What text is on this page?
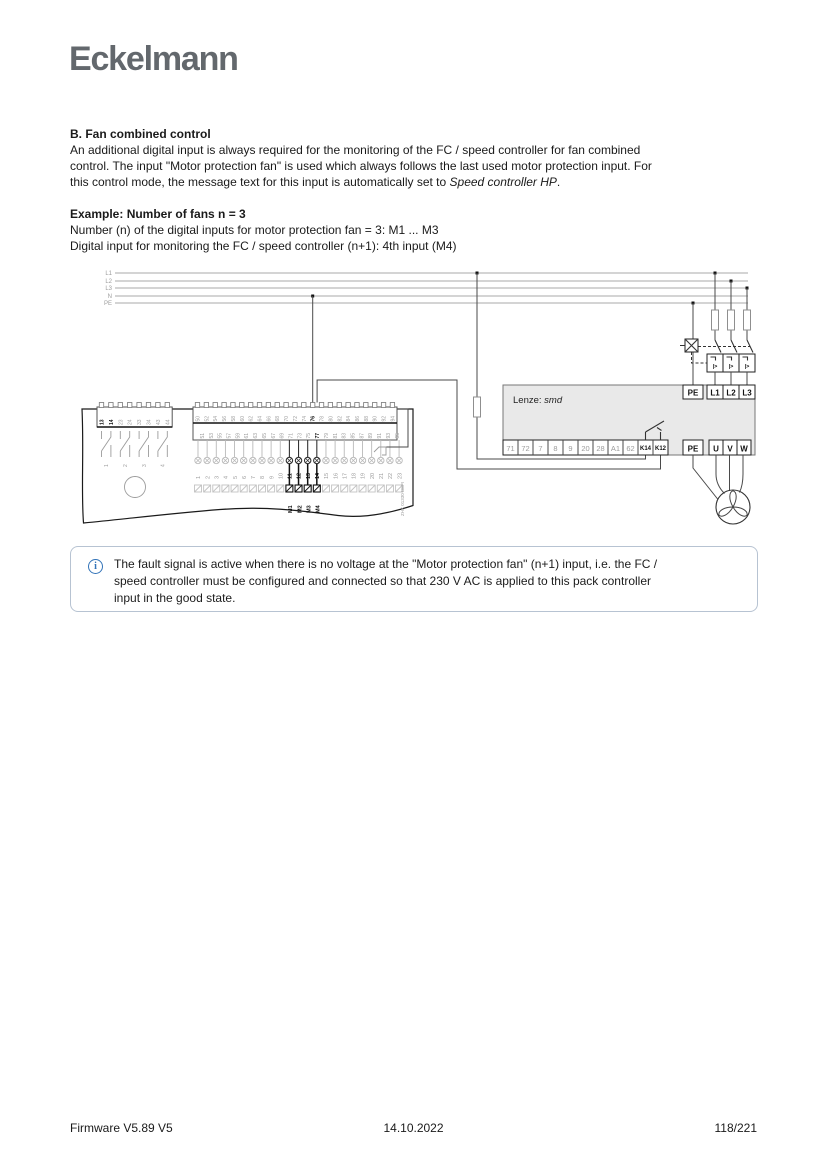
Eckelmann
B. Fan combined control
An additional digital input is always required for the monitoring of the FC / speed controller for fan combined
control. The input "Motor protection fan" is used which always follows the last used motor protection input. For
this control mode, the message text for this input is automatically set to Speed controller HP.
Example: Number of fans n = 3
Number (n) of the digital inputs for motor protection fan = 3: M1 ... M3
Digital input for monitoring the FC / speed controller (n+1): 4th input (M4)
L1
L2
L3
N
PE
|> |> |>
Lenze: smd
PE L1 L2 L3
71 72 7 8 9 20 28 A1 62 K14 K12	PE U V W
13 14 23 24 33 34 43 44
1	2	3	4
50 52 54 56 58 60 62 64 66 68 70 72 74 76 78 80 82 84 86 88 90 92 94
51 53 55 57 59 61 63 65 67 69 71 73 75 77 79 81 83 85 87 89 91 93 95
1 2 3 4 5 6 7 8 9 10 11 12 13 14 15 16 17 18 19 20 21 22 23
M1 M2 M3 M4	ZHK 01330 DEFI
i	The fault signal is active when there is no voltage at the "Motor protection fan" (n+1) input, i.e. the FC /
speed controller must be configured and connected so that 230 V AC is applied to this pack controller
input in the good state.
Firmware V5.89 V5	14.10.2022	118/221
